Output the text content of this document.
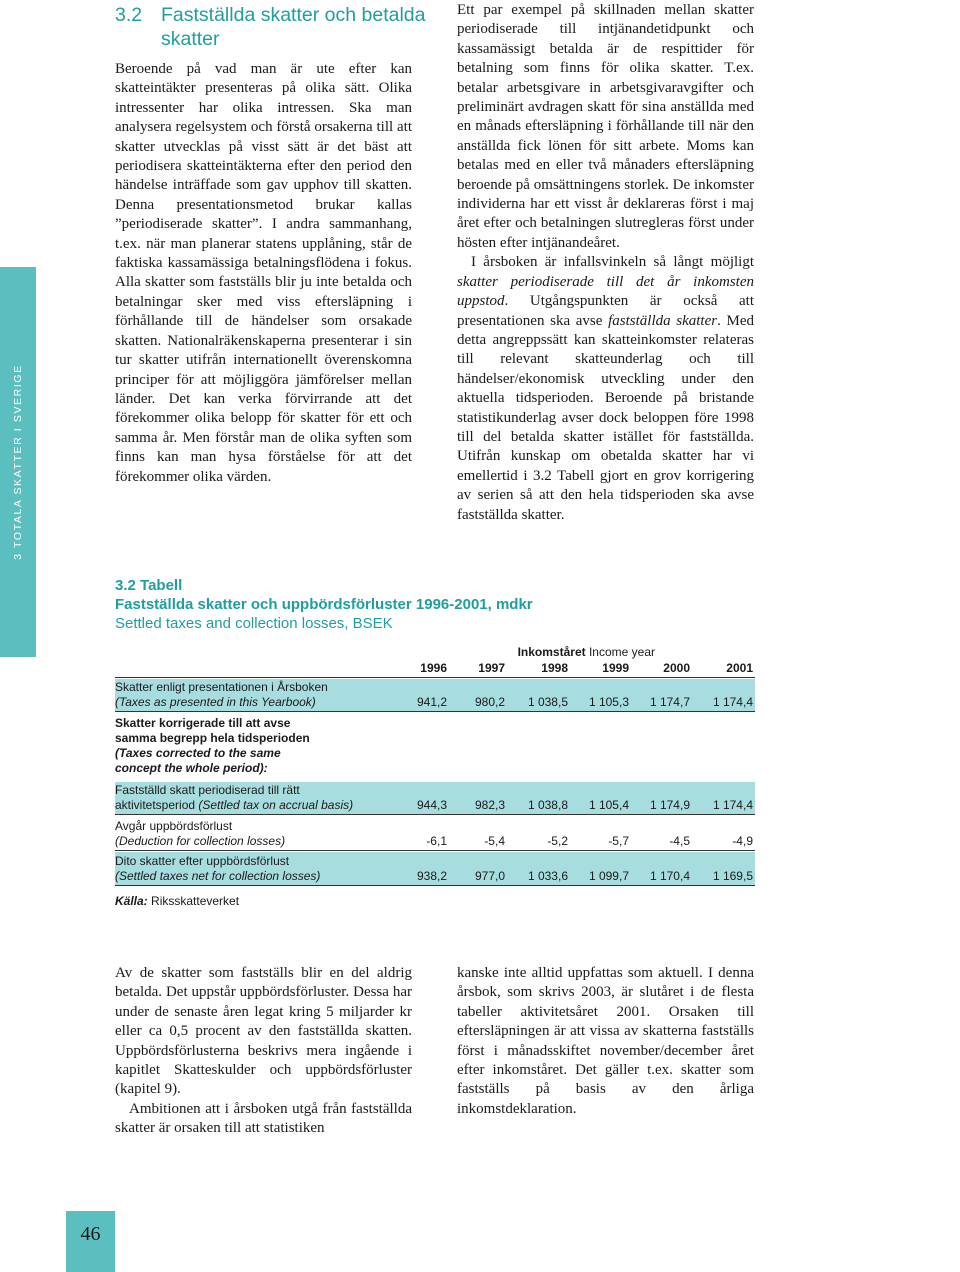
3 TOTALA SKATTER I SVERIGE
3.2 Fastställda skatter och betalda skatter

Beroende på vad man är ute efter kan skatteintäkter presenteras på olika sätt. Olika intressenter har olika intressen. Ska man analysera regelsystem och förstå orsakerna till att skatter utvecklas på visst sätt är det bäst att periodisera skatteintäkterna efter den period den händelse inträffade som gav upphov till skatten. Denna presentationsmetod brukar kallas ”periodiserade skatter”. I andra sammanhang, t.ex. när man planerar statens upplåning, står de faktiska kassamässiga betalningsflödena i fokus. Alla skatter som fastställs blir ju inte betalda och betalningar sker med viss eftersläpning i förhållande till de händelser som orsakade skatten. Nationalräkenskaperna presenterar i sin tur skatter utifrån internationellt överenskomna principer för att möjliggöra jämförelser mellan länder. Det kan verka förvirrande att det förekommer olika belopp för skatter för ett och samma år. Men förstår man de olika syften som finns kan man hysa förståelse för att det förekommer olika värden.

Ett par exempel på skillnaden mellan skatter periodiserade till intjänandetidpunkt och kassamässigt betalda är de respittider för betalning som finns för olika skatter. T.ex. betalar arbetsgivare in arbetsgivaravgifter och preliminärt avdragen skatt för sina anställda med en månads eftersläpning i förhållande till när den anställda fick lönen för sitt arbete. Moms kan betalas med en eller två månaders eftersläpning beroende på omsättningens storlek. De inkomster individerna har ett visst år deklareras först i maj året efter och betalningen slutregleras först under hösten efter intjänandeåret.

I årsboken är infallsvinkeln så långt möjligt skatter periodiserade till det år inkomsten uppstod. Utgångspunkten är också att presentationen ska avse fastställda skatter. Med detta angreppssätt kan skatteinkomster relateras till relevant skatteunderlag och till händelser/ekonomisk utveckling under den aktuella tidsperioden. Beroende på bristande statistikunderlag avser dock beloppen före 1998 till del betalda skatter istället för fastställda. Utifrån kunskap om obetalda skatter har vi emellertid i 3.2 Tabell gjort en grov korrigering av serien så att den hela tidsperioden ska avse fastställda skatter.

3.2 Tabell
Fastställda skatter och uppbördsförluster 1996-2001, mdkr
Settled taxes and collection losses, BSEK
Inkomståret Income year
1996	1997	1998	1999	2000	2001
Skatter enligt presentationen i Årsboken
(Taxes as presented in this Yearbook)	941,2	980,2	1 038,5	1 105,3	1 174,7	1 174,4
Skatter korrigerade till att avse
samma begrepp hela tidsperioden
(Taxes corrected to the same
concept the whole period):
Fastställd skatt periodiserad till rätt
aktivitetsperiod (Settled tax on accrual basis)	944,3	982,3	1 038,8	1 105,4	1 174,9	1 174,4
Avgår uppbördsförlust
(Deduction for collection losses)	-6,1	-5,4	-5,2	-5,7	-4,5	-4,9
Dito skatter efter uppbördsförlust
(Settled taxes net for collection losses)	938,2	977,0	1 033,6	1 099,7	1 170,4	1 169,5
Källa: Riksskatteverket

Av de skatter som fastställs blir en del aldrig betalda. Det uppstår uppbördsförluster. Dessa har under de senaste åren legat kring 5 miljarder kr eller ca 0,5 procent av den fastställda skatten. Uppbördsförlusterna beskrivs mera ingående i kapitlet Skatteskulder och uppbördsförluster (kapitel 9).

Ambitionen att i årsboken utgå från fastställda skatter är orsaken till att statistiken

kanske inte alltid uppfattas som aktuell. I denna årsbok, som skrivs 2003, är slutåret i de flesta tabeller aktivitetsåret 2001. Orsaken till eftersläpningen är att vissa av skatterna fastställs först i månadsskiftet november/december året efter inkomståret. Det gäller t.ex. skatter som fastställs på basis av den årliga inkomstdeklaration.

46
